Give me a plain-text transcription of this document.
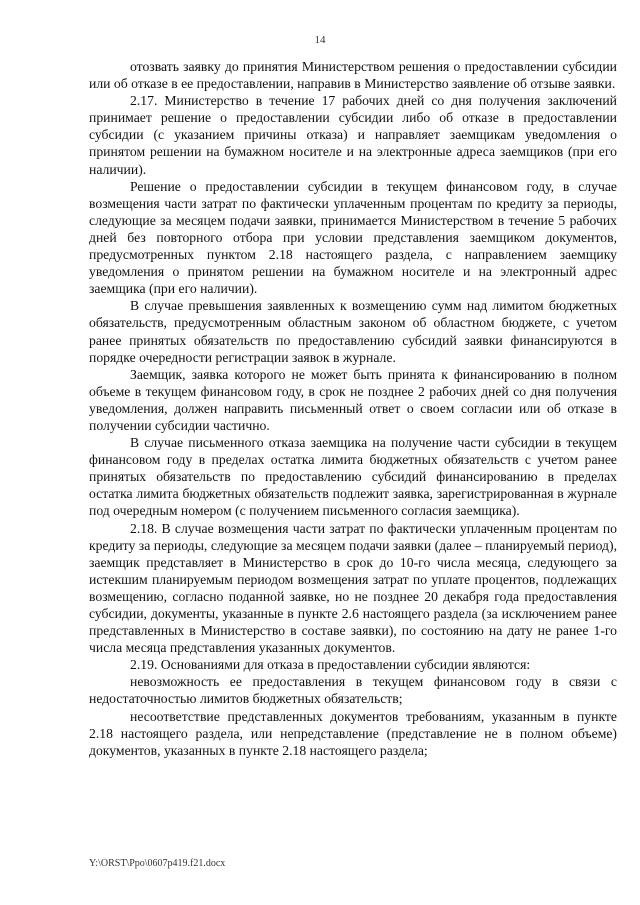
14

отозвать заявку до принятия Министерством решения о предоставлении субсидии или об отказе в ее предоставлении, направив в Министерство заявление об отзыве заявки.

2.17. Министерство в течение 17 рабочих дней со дня получения заключений принимает решение о предоставлении субсидии либо об отказе в предоставлении субсидии (с указанием причины отказа) и направляет заемщикам уведомления о принятом решении на бумажном носителе и на электронные адреса заемщиков (при его наличии).

Решение о предоставлении субсидии в текущем финансовом году, в случае возмещения части затрат по фактически уплаченным процентам по кредиту за периоды, следующие за месяцем подачи заявки, принимается Министерством в течение 5 рабочих дней без повторного отбора при условии представления заемщиком документов, предусмотренных пунктом 2.18 настоящего раздела, с направлением заемщику уведомления о принятом решении на бумажном носителе и на электронный адрес заемщика (при его наличии).

В случае превышения заявленных к возмещению сумм над лимитом бюджетных обязательств, предусмотренным областным законом об областном бюджете, с учетом ранее принятых обязательств по предоставлению субсидий заявки финансируются в порядке очередности регистрации заявок в журнале.

Заемщик, заявка которого не может быть принята к финансированию в полном объеме в текущем финансовом году, в срок не позднее 2 рабочих дней со дня получения уведомления, должен направить письменный ответ о своем согласии или об отказе в получении субсидии частично.

В случае письменного отказа заемщика на получение части субсидии в текущем финансовом году в пределах остатка лимита бюджетных обязательств с учетом ранее принятых обязательств по предоставлению субсидий финансированию в пределах остатка лимита бюджетных обязательств подлежит заявка, зарегистрированная в журнале под очередным номером (с получением письменного согласия заемщика).

2.18. В случае возмещения части затрат по фактически уплаченным процентам по кредиту за периоды, следующие за месяцем подачи заявки (далее – планируемый период), заемщик представляет в Министерство в срок до 10-го числа месяца, следующего за истекшим планируемым периодом возмещения затрат по уплате процентов, подлежащих возмещению, согласно поданной заявке, но не позднее 20 декабря года предоставления субсидии, документы, указанные в пункте 2.6 настоящего раздела (за исключением ранее представленных в Министерство в составе заявки), по состоянию на дату не ранее 1-го числа месяца представления указанных документов.

2.19. Основаниями для отказа в предоставлении субсидии являются:

невозможность ее предоставления в текущем финансовом году в связи с недостаточностью лимитов бюджетных обязательств;

несоответствие представленных документов требованиям, указанным в пункте 2.18 настоящего раздела, или непредставление (представление не в полном объеме) документов, указанных в пункте 2.18 настоящего раздела;

Y:\ORST\Ppo\0607p419.f21.docx
